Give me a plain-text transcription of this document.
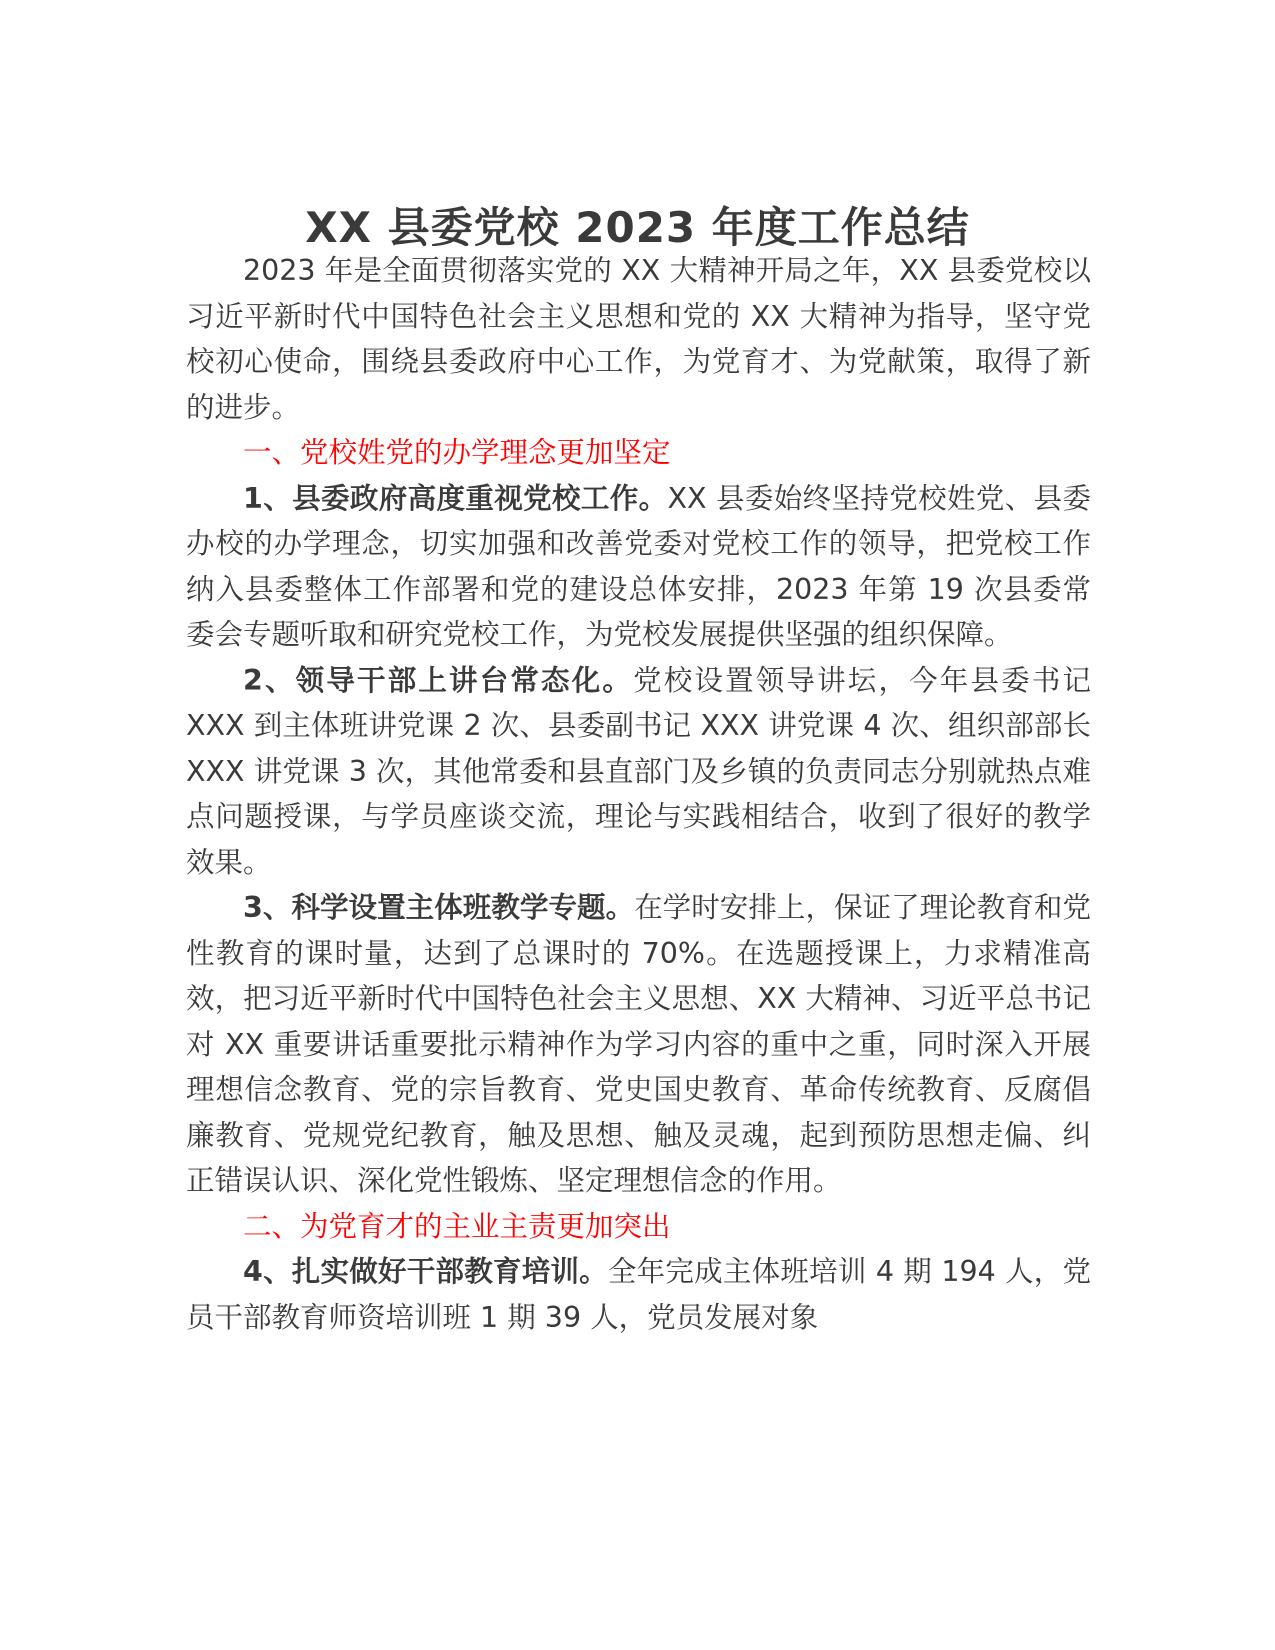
XX 县委党校 2023 年度工作总结

2023 年是全面贯彻落实党的 XX 大精神开局之年，XX 县委党校以习近平新时代中国特色社会主义思想和党的 XX 大精神为指导，坚守党校初心使命，围绕县委政府中心工作，为党育才、为党献策，取得了新的进步。

一、党校姓党的办学理念更加坚定

1、县委政府高度重视党校工作。XX 县委始终坚持党校姓党、县委办校的办学理念，切实加强和改善党委对党校工作的领导，把党校工作纳入县委整体工作部署和党的建设总体安排，2023 年第 19 次县委常委会专题听取和研究党校工作，为党校发展提供坚强的组织保障。

2、领导干部上讲台常态化。党校设置领导讲坛，今年县委书记 XXX 到主体班讲党课 2 次、县委副书记 XXX 讲党课 4 次、组织部部长 XXX 讲党课 3 次，其他常委和县直部门及乡镇的负责同志分别就热点难点问题授课，与学员座谈交流，理论与实践相结合，收到了很好的教学效果。

3、科学设置主体班教学专题。在学时安排上，保证了理论教育和党性教育的课时量，达到了总课时的 70%。在选题授课上，力求精准高效，把习近平新时代中国特色社会主义思想、XX 大精神、习近平总书记对 XX 重要讲话重要批示精神作为学习内容的重中之重，同时深入开展理想信念教育、党的宗旨教育、党史国史教育、革命传统教育、反腐倡廉教育、党规党纪教育，触及思想、触及灵魂，起到预防思想走偏、纠正错误认识、深化党性锻炼、坚定理想信念的作用。

二、为党育才的主业主责更加突出

4、扎实做好干部教育培训。全年完成主体班培训 4 期 194 人，党员干部教育师资培训班 1 期 39 人，党员发展对象
